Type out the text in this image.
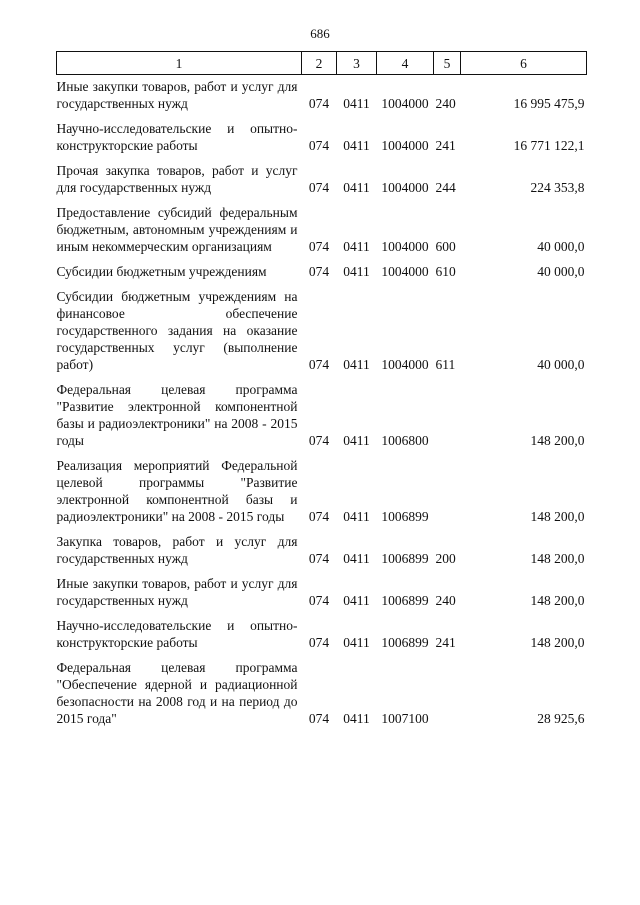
686
1	2	3	4	5	6
Иные закупки товаров, работ и услуг для государственных нужд	074	0411	1004000	240	16 995 475,9
Научно-исследовательские и опытно-конструкторские работы	074	0411	1004000	241	16 771 122,1
Прочая закупка товаров, работ и услуг для государственных нужд	074	0411	1004000	244	224 353,8
Предоставление субсидий федеральным бюджетным, автономным учреждениям и иным некоммерческим организациям	074	0411	1004000	600	40 000,0
Субсидии бюджетным учреждениям	074	0411	1004000	610	40 000,0
Субсидии бюджетным учреждениям на финансовое обеспечение государственного задания на оказание государственных услуг (выполнение работ)	074	0411	1004000	611	40 000,0
Федеральная целевая программа "Развитие электронной компонентной базы и радиоэлектроники" на 2008 - 2015 годы	074	0411	1006800		148 200,0
Реализация мероприятий Федеральной целевой программы "Развитие электронной компонентной базы и радиоэлектроники" на 2008 - 2015 годы	074	0411	1006899		148 200,0
Закупка товаров, работ и услуг для государственных нужд	074	0411	1006899	200	148 200,0
Иные закупки товаров, работ и услуг для государственных нужд	074	0411	1006899	240	148 200,0
Научно-исследовательские и опытно-конструкторские работы	074	0411	1006899	241	148 200,0
Федеральная целевая программа "Обеспечение ядерной и радиационной безопасности на 2008 год и на период до 2015 года"	074	0411	1007100		28 925,6
